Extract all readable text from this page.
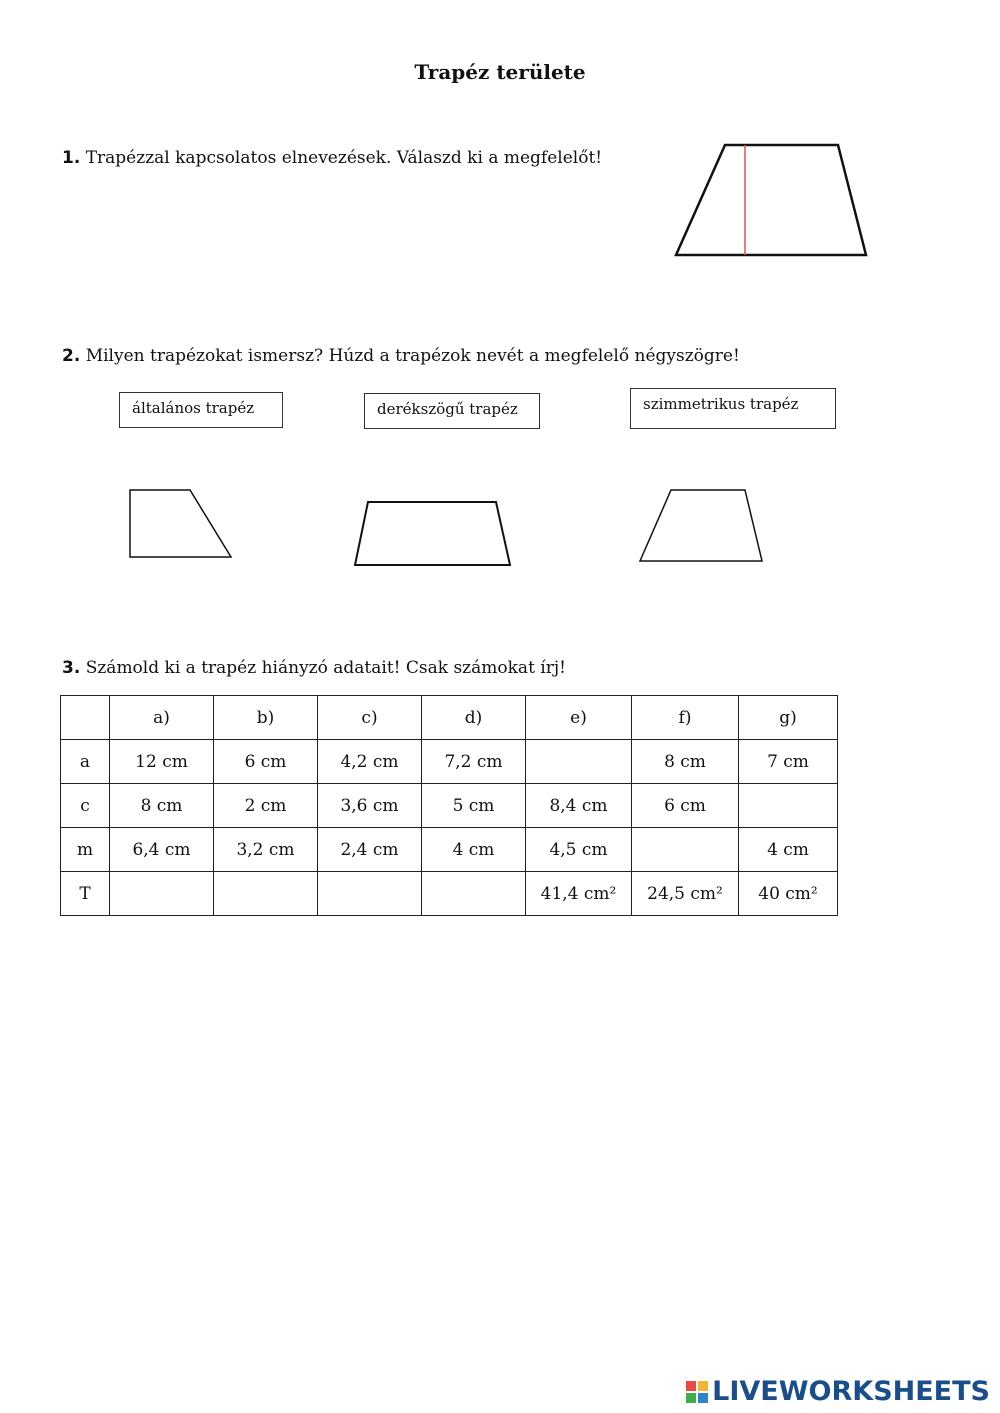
Trapéz területe
1. Trapézzal kapcsolatos elnevezések. Válaszd ki a megfelelőt!
2. Milyen trapézokat ismersz? Húzd a trapézok nevét a megfelelő négyszögre!
általános trapéz	derékszögű trapéz	szimmetrikus trapéz
3. Számold ki a trapéz hiányzó adatait! Csak számokat írj!
	a)	b)	c)	d)	e)	f)	g)
a	12 cm	6 cm	4,2 cm	7,2 cm		8 cm	7 cm
c	8 cm	2 cm	3,6 cm	5 cm	8,4 cm	6 cm	
m	6,4 cm	3,2 cm	2,4 cm	4 cm	4,5 cm		4 cm
T					41,4 cm²	24,5 cm²	40 cm²
LIVEWORKSHEETS
